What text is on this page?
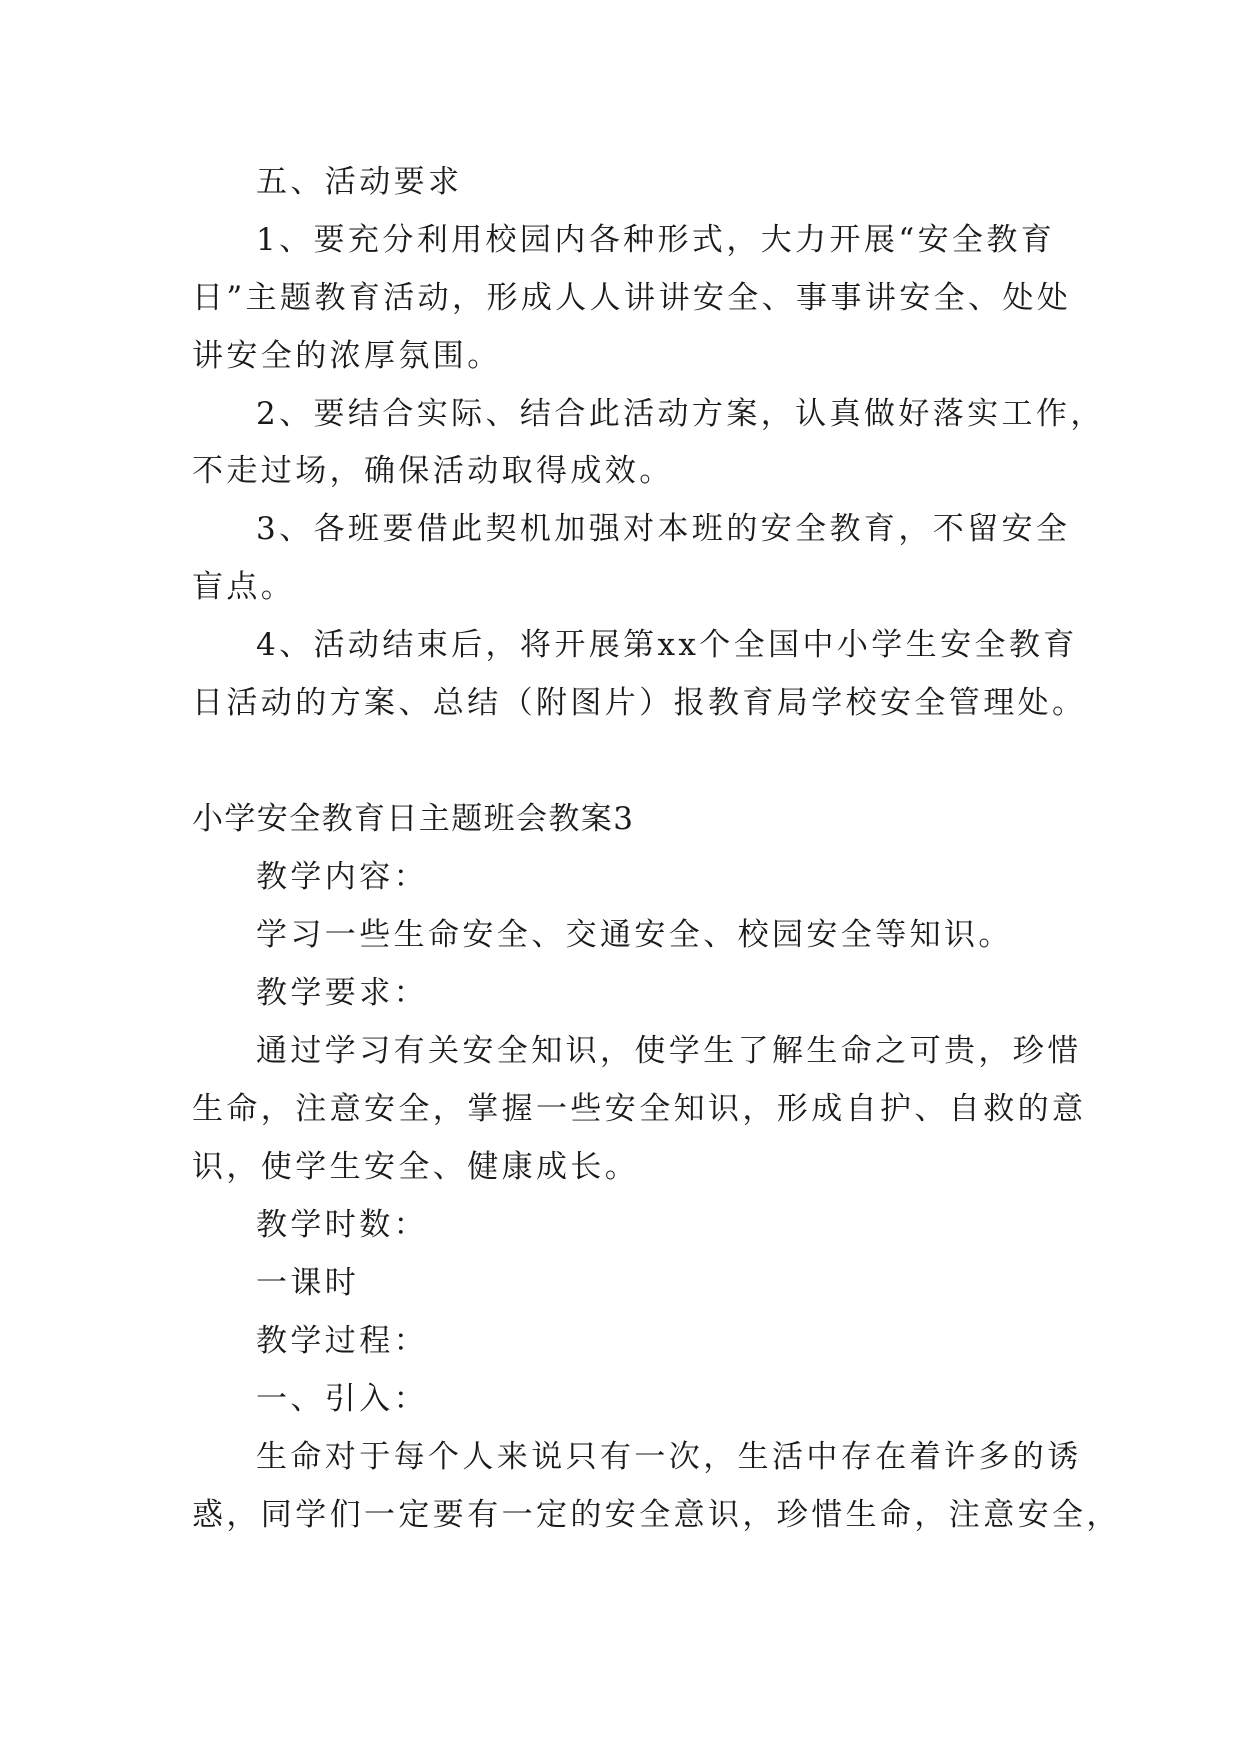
五、活动要求
1、要充分利用校园内各种形式，大力开展“安全教育
日”主题教育活动，形成人人讲讲安全、事事讲安全、处处
讲安全的浓厚氛围。
2、要结合实际、结合此活动方案，认真做好落实工作，
不走过场，确保活动取得成效。
3、各班要借此契机加强对本班的安全教育，不留安全
盲点。
4、活动结束后，将开展第xx个全国中小学生安全教育
日活动的方案、总结（附图片）报教育局学校安全管理处。
小学安全教育日主题班会教案3
教学内容：
学习一些生命安全、交通安全、校园安全等知识。
教学要求：
通过学习有关安全知识，使学生了解生命之可贵，珍惜
生命，注意安全，掌握一些安全知识，形成自护、自救的意
识，使学生安全、健康成长。
教学时数：
一课时
教学过程：
一、引入：
生命对于每个人来说只有一次，生活中存在着许多的诱
惑，同学们一定要有一定的安全意识，珍惜生命，注意安全，
